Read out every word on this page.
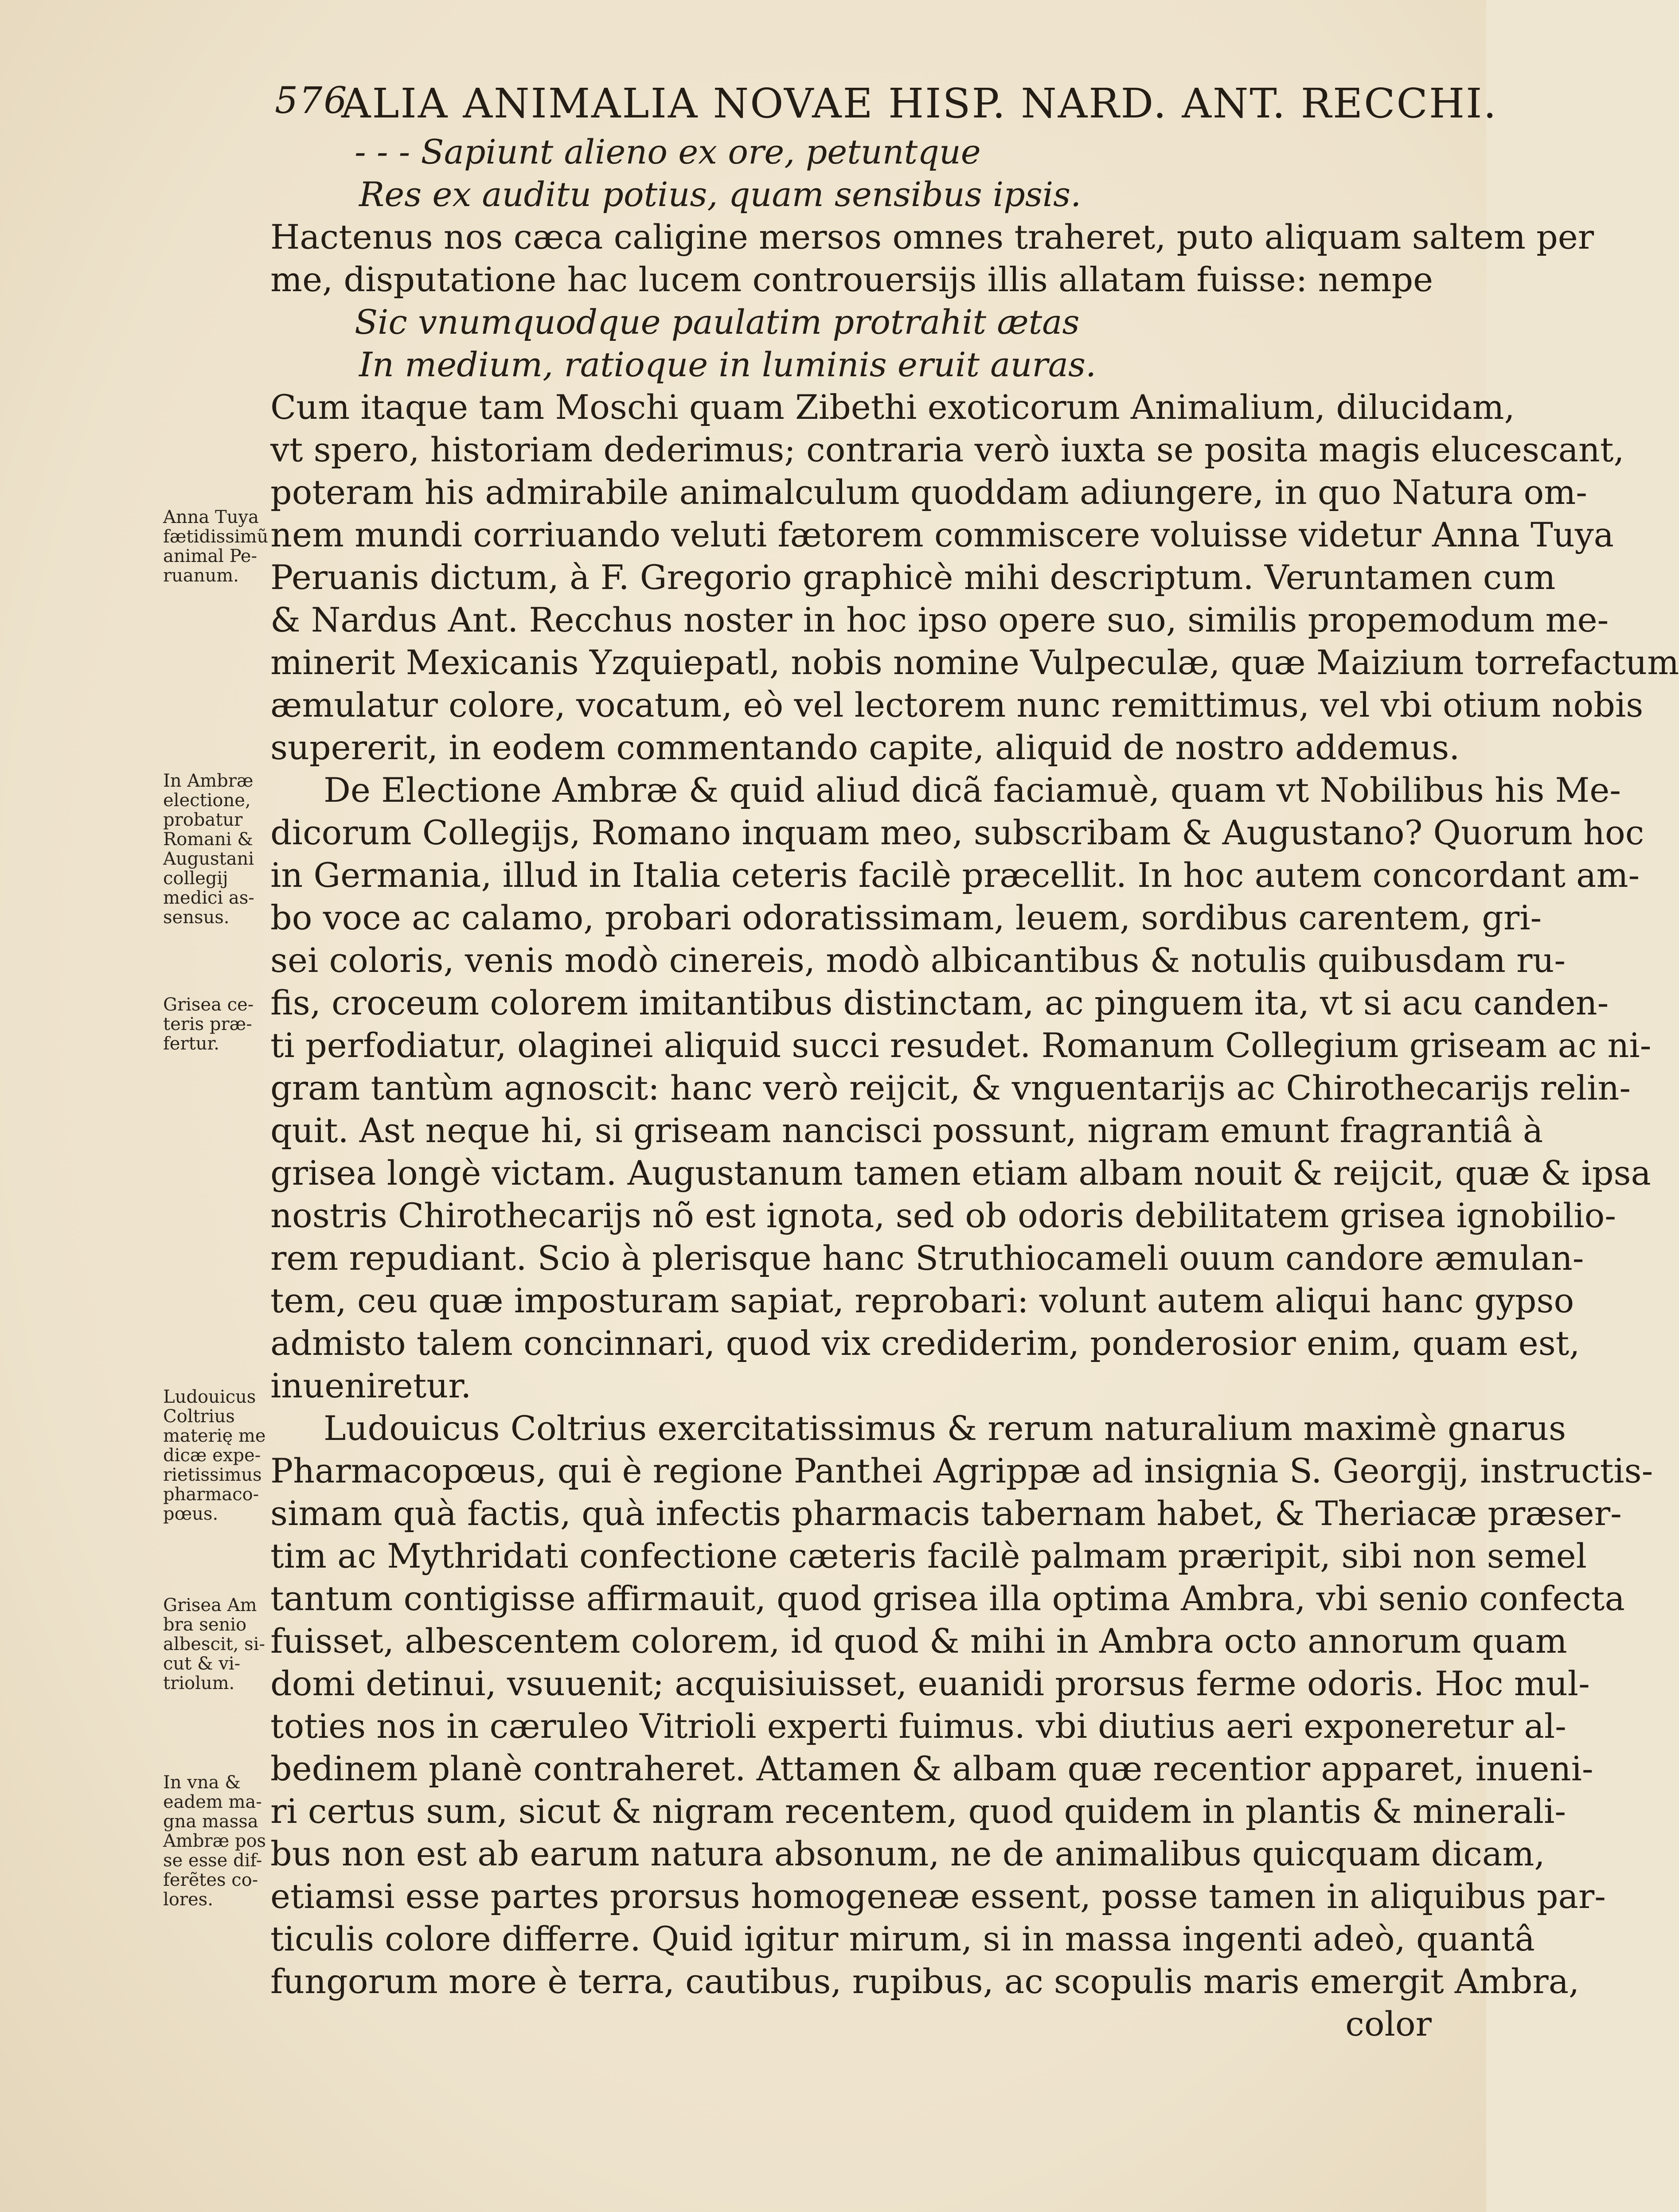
576
ALIA ANIMALIA NOVAE HISP. NARD. ANT. RECCHI.
- - - Sapiunt alieno ex ore, petuntque
Res ex auditu potius, quam sensibus ipsis.
Hactenus nos cæca caligine mersos omnes traheret, puto aliquam saltem per
me, disputatione hac lucem controuersijs illis allatam fuisse: nempe
Sic vnumquodque paulatim protrahit ætas
In medium, ratioque in luminis eruit auras.
Cum itaque tam Moschi quam Zibethi exoticorum Animalium, dilucidam,
vt spero, historiam dederimus; contraria verò iuxta se posita magis elucescant,
poteram his admirabile animalculum quoddam adiungere, in quo Natura om-
nem mundi corriuando veluti fætorem commiscere voluisse videtur Anna Tuya
Peruanis dictum, à F. Gregorio graphicè mihi descriptum. Veruntamen cum
& Nardus Ant. Recchus noster in hoc ipso opere suo, similis propemodum me-
minerit Mexicanis Yzquiepatl, nobis nomine Vulpeculæ, quæ Maizium torrefactum
æmulatur colore, vocatum, eò vel lectorem nunc remittimus, vel vbi otium nobis
supererit, in eodem commentando capite, aliquid de nostro addemus.
De Electione Ambræ & quid aliud dicã faciamuè, quam vt Nobilibus his Me-
dicorum Collegijs, Romano inquam meo, subscribam & Augustano? Quorum hoc
in Germania, illud in Italia ceteris facilè præcellit. In hoc autem concordant am-
bo voce ac calamo, probari odoratissimam, leuem, sordibus carentem, gri-
sei coloris, venis modò cinereis, modò albicantibus & notulis quibusdam ru-
fis, croceum colorem imitantibus distinctam, ac pinguem ita, vt si acu canden-
ti perfodiatur, olaginei aliquid succi resudet. Romanum Collegium griseam ac ni-
gram tantùm agnoscit: hanc verò reijcit, & vnguentarijs ac Chirothecarijs relin-
quit. Ast neque hi, si griseam nancisci possunt, nigram emunt fragrantiâ à
grisea longè victam. Augustanum tamen etiam albam nouit & reijcit, quæ & ipsa
nostris Chirothecarijs nõ est ignota, sed ob odoris debilitatem grisea ignobilio-
rem repudiant. Scio à plerisque hanc Struthiocameli ouum candore æmulan-
tem, ceu quæ imposturam sapiat, reprobari: volunt autem aliqui hanc gypso
admisto talem concinnari, quod vix crediderim, ponderosior enim, quam est,
inueniretur.
Ludouicus Coltrius exercitatissimus & rerum naturalium maximè gnarus
Pharmacopœus, qui è regione Panthei Agrippæ ad insignia S. Georgij, instructis-
simam quà factis, quà infectis pharmacis tabernam habet, & Theriacæ præser-
tim ac Mythridati confectione cæteris facilè palmam præripit, sibi non semel
tantum contigisse affirmauit, quod grisea illa optima Ambra, vbi senio confecta
fuisset, albescentem colorem, id quod & mihi in Ambra octo annorum quam
domi detinui, vsuuenit; acquisiuisset, euanidi prorsus ferme odoris. Hoc mul-
toties nos in cæruleo Vitrioli experti fuimus. vbi diutius aeri exponeretur al-
bedinem planè contraheret. Attamen & albam quæ recentior apparet, inueni-
ri certus sum, sicut & nigram recentem, quod quidem in plantis & minerali-
bus non est ab earum natura absonum, ne de animalibus quicquam dicam,
etiamsi esse partes prorsus homogeneæ essent, posse tamen in aliquibus par-
ticulis colore differre. Quid igitur mirum, si in massa ingenti adeò, quantâ
fungorum more è terra, cautibus, rupibus, ac scopulis maris emergit Ambra,
color
Anna Tuya
fætidissimũ
animal Pe-
ruanum.
In Ambræ
electione,
probatur
Romani &
Augustani
collegij
medici as-
sensus.
Grisea ce-
teris præ-
fertur.
Ludouicus
Coltrius
materię me
dicæ expe-
rietissimus
pharmaco-
pœus.
Grisea Am
bra senio
albescit, si-
cut & vi-
triolum.
In vna &
eadem ma-
gna massa
Ambræ pos
se esse dif-
ferẽtes co-
lores.
